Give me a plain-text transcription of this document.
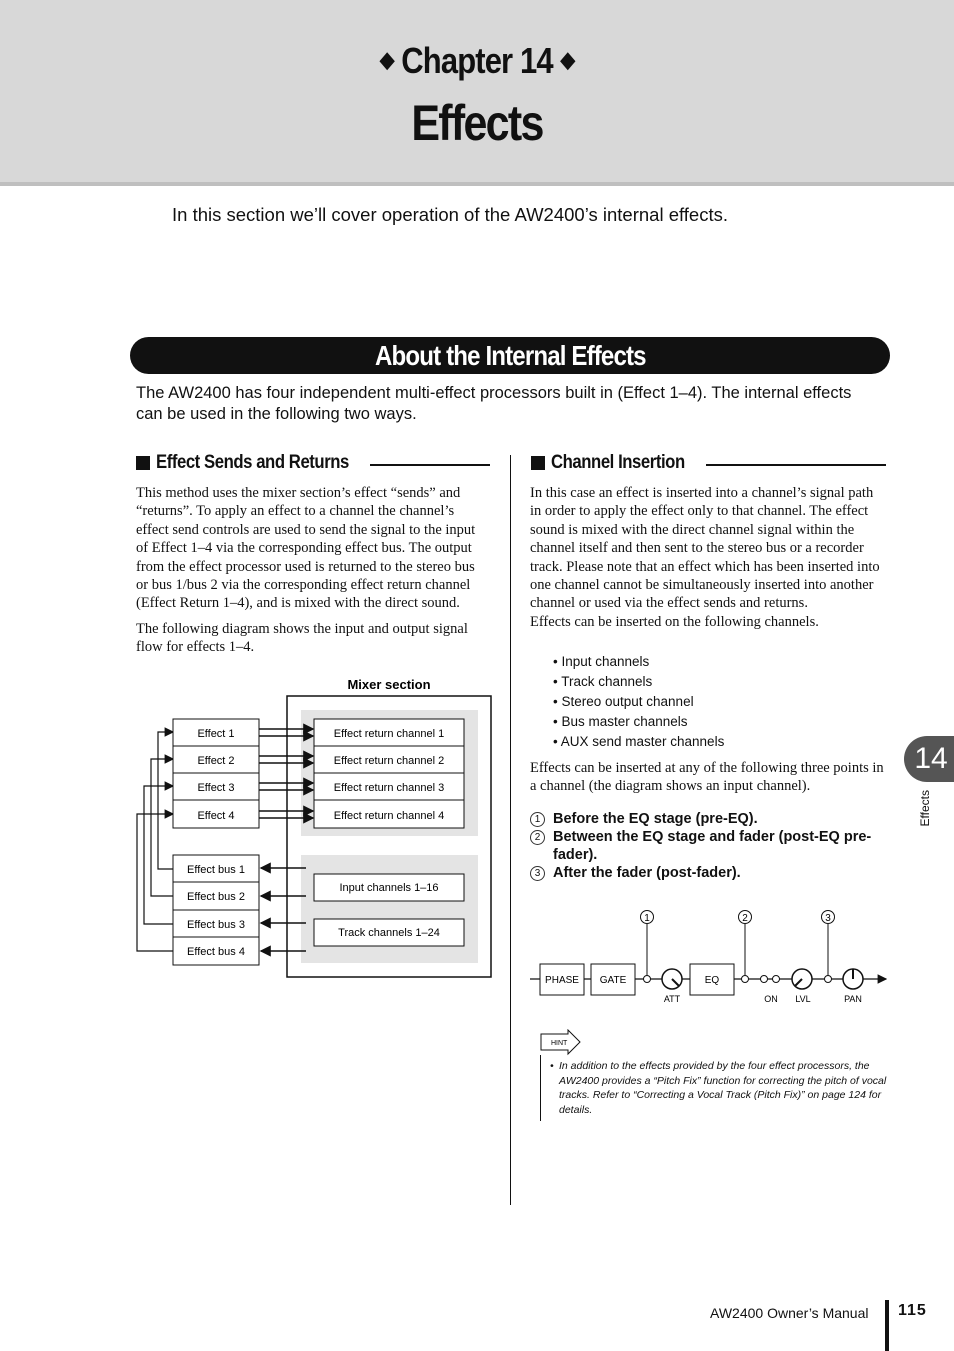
◆ Chapter 14 ◆
Effects
In this section we’ll cover operation of the AW2400’s internal effects.
About the Internal Effects
The AW2400 has four independent multi-effect processors built in (Effect 1–4). The internal effects can be used in the following two ways.
Effect Sends and Returns	Channel Insertion

This method uses the mixer section’s effect “sends” and “returns”. To apply an effect to a channel the channel’s effect send controls are used to send the signal to the input of Effect 1–4 via the corresponding effect bus. The output from the effect processor used is returned to the stereo bus or bus 1/bus 2 via the corresponding effect return channel (Effect Return 1–4), and is mixed with the direct sound.

The following diagram shows the input and output signal flow for effects 1–4.

Mixer section
Effect 1
Effect 2
Effect 3
Effect 4
Effect return channel 1
Effect return channel 2
Effect return channel 3
Effect return channel 4
Effect bus 1
Effect bus 2
Effect bus 3
Effect bus 4
Input channels 1–16
Track channels 1–24

In this case an effect is inserted into a channel’s signal path in order to apply the effect only to that channel. The effect sound is mixed with the direct channel signal within the channel itself and then sent to the stereo bus or a recorder track. Please note that an effect which has been inserted into one channel cannot be simultaneously inserted into another channel or used via the effect sends and returns.

Effects can be inserted on the following channels.

• Input channels
• Track channels
• Stereo output channel
• Bus master channels
• AUX send master channels

Effects can be inserted at any of the following three points in a channel (the diagram shows an input channel).

1 Before the EQ stage (pre-EQ).
2 Between the EQ stage and fader (post-EQ pre-fader).
3 After the fader (post-fader).
1	2	3
PHASE GATE	EQ
ATT	ON LVL	PAN
HINT
• In addition to the effects provided by the four effect processors, the AW2400 provides a “Pitch Fix” function for correcting the pitch of vocal tracks. Refer to “Correcting a Vocal Track (Pitch Fix)” on page 124 for details.
14
Effects
AW2400 Owner’s Manual 115
